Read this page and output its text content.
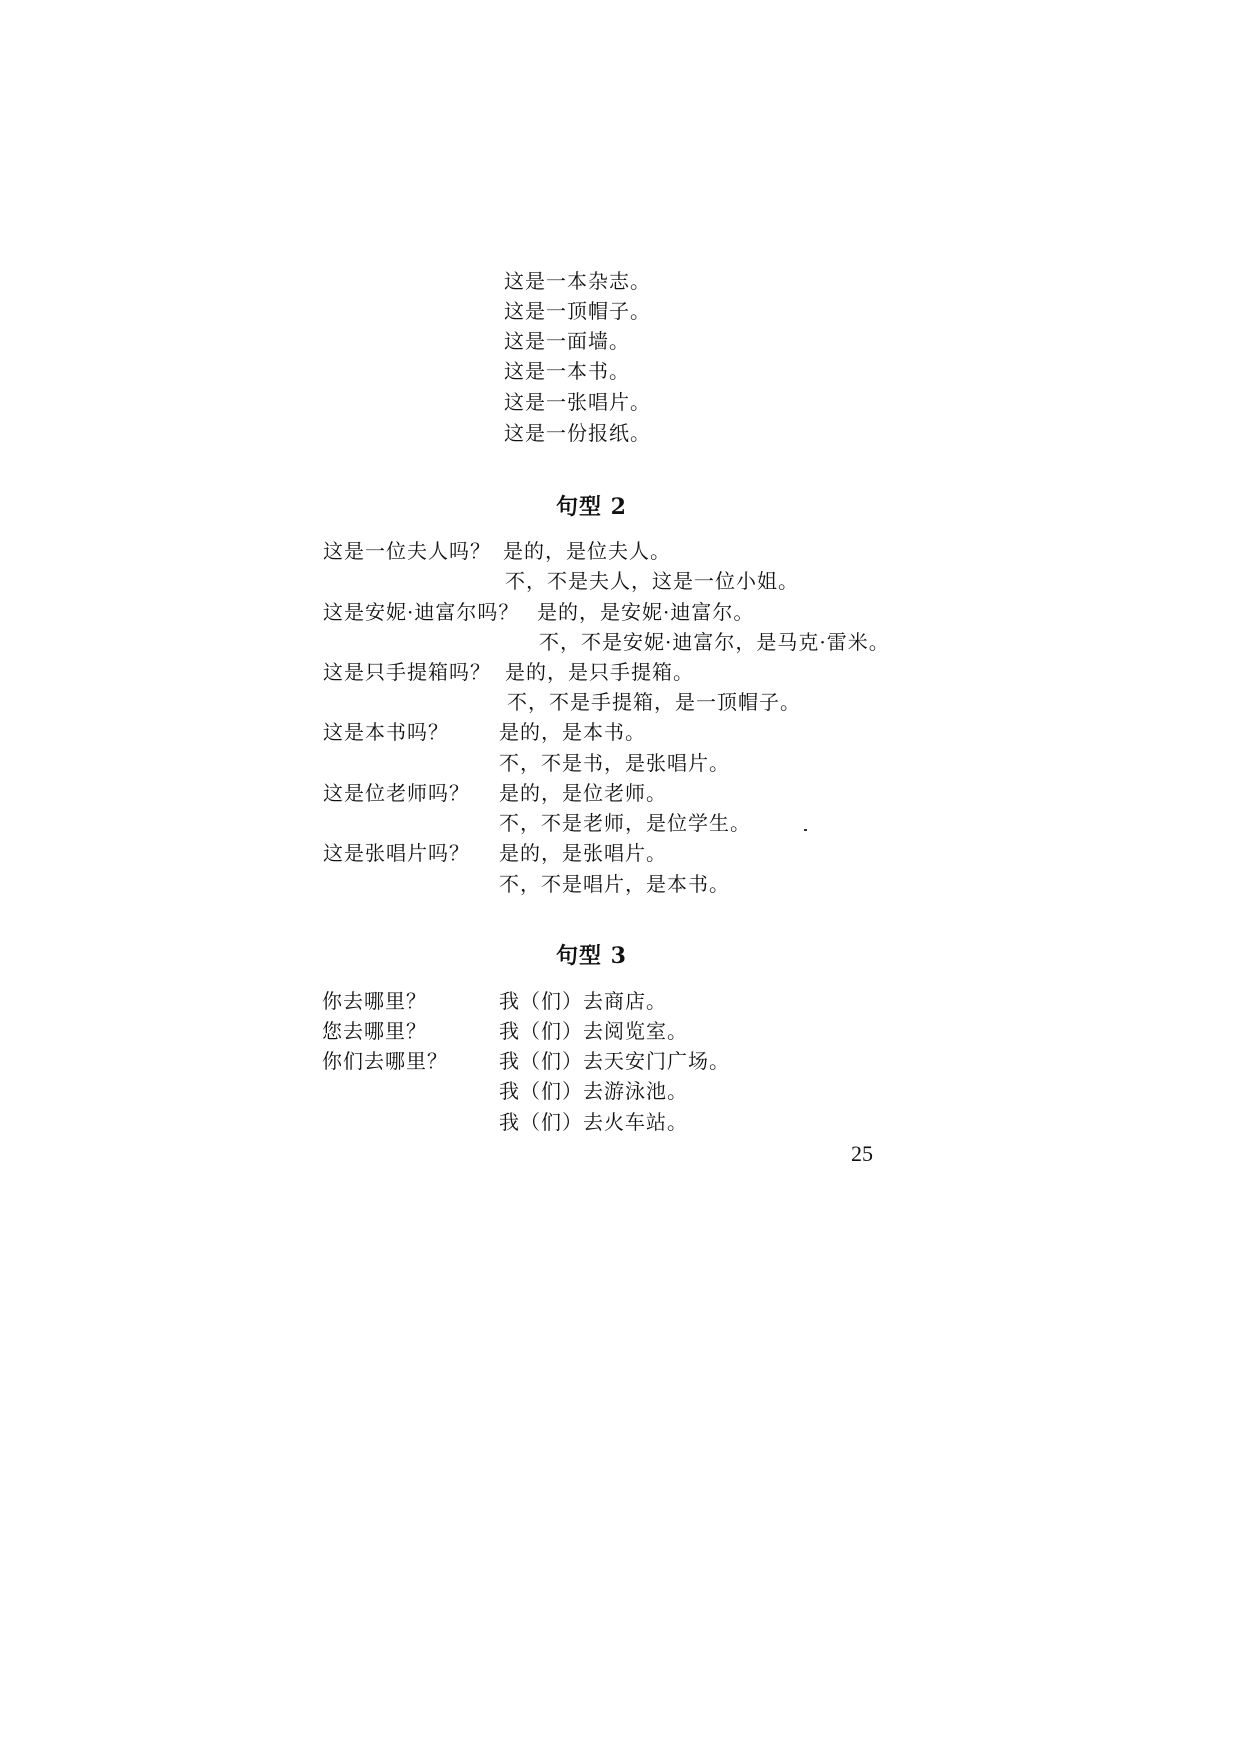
这是一本杂志。
这是一顶帽子。
这是一面墙。
这是一本书。
这是一张唱片。
这是一份报纸。
句型 2
这是一位夫人吗？ 是的，是位夫人。
不，不是夫人，这是一位小姐。
这是安妮·迪富尔吗？ 是的，是安妮·迪富尔。
不，不是安妮·迪富尔，是马克·雷米。
这是只手提箱吗？ 是的，是只手提箱。
不，不是手提箱，是一顶帽子。
这是本书吗？	是的，是本书。
不，不是书，是张唱片。
这是位老师吗？ 是的，是位老师。
不，不是老师，是位学生。
这是张唱片吗？ 是的，是张唱片。
不，不是唱片，是本书。
句型 3
你去哪里？	我（们）去商店。
您去哪里？	我（们）去阅览室。
你们去哪里？	我（们）去天安门广场。
我（们）去游泳池。
我（们）去火车站。
25
